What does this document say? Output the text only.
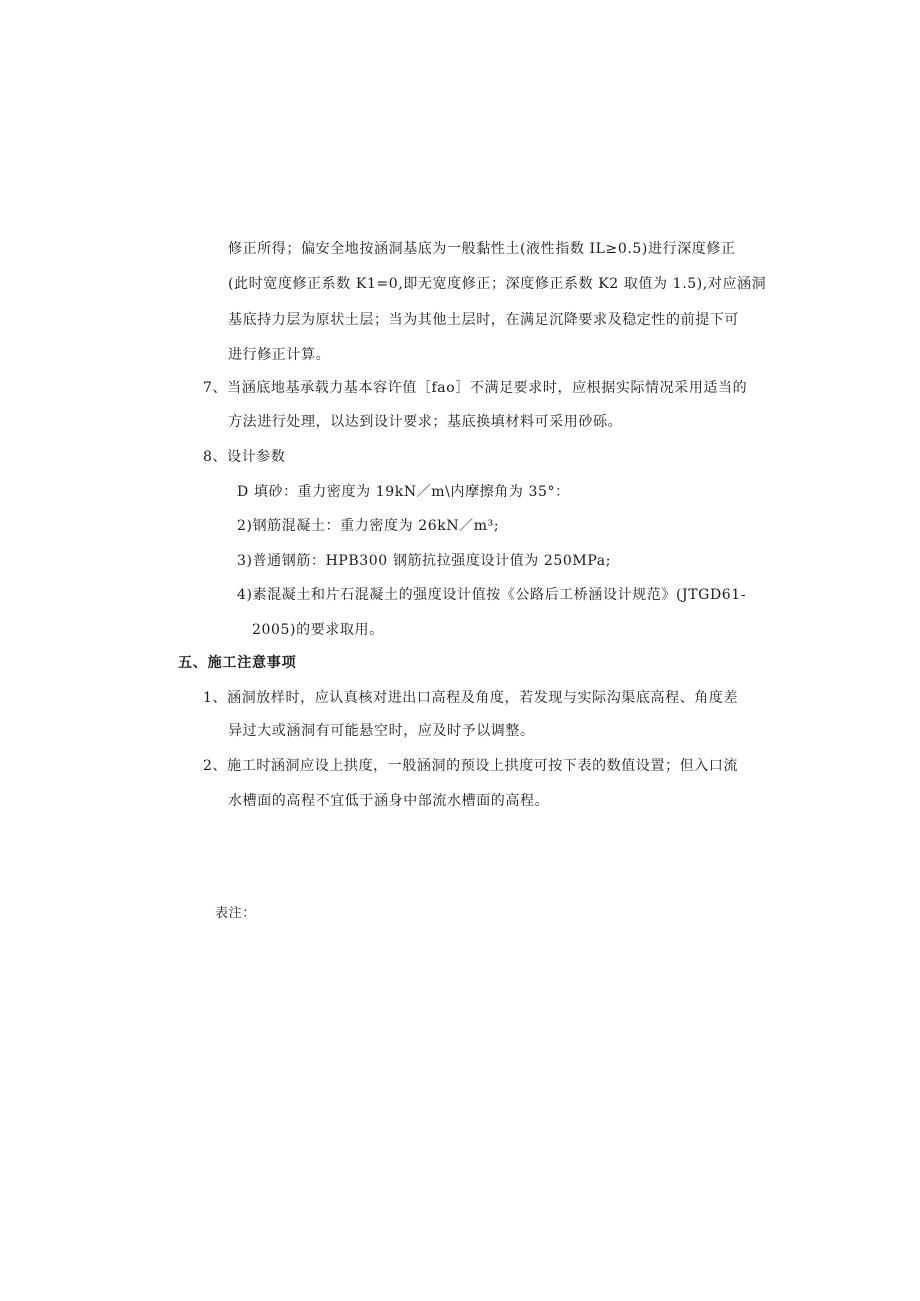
修正所得；偏安全地按涵洞基底为一般黏性土(液性指数 IL≥0.5)进行深度修正
(此时宽度修正系数 K1=0,即无宽度修正；深度修正系数 K2 取值为 1.5),对应涵洞
基底持力层为原状土层；当为其他土层时，在满足沉降要求及稳定性的前提下可
进行修正计算。
7、当涵底地基承载力基本容许值［fao］不满足要求时，应根据实际情况采用适当的
方法进行处理，以达到设计要求；基底换填材料可采用砂砾。
8、设计参数
D 填砂：重力密度为 19kN／m\内摩擦角为 35°：
2)钢筋混凝土：重力密度为 26kN／m³;
3)普通钢筋：HPB300 钢筋抗拉强度设计值为 250MPa;
4)素混凝土和片石混凝土的强度设计值按《公路后工桥涵设计规范》(JTGD61-
2005)的要求取用。
五、施工注意事项
1、涵洞放样时，应认真核对进出口高程及角度，若发现与实际沟渠底高程、角度差
异过大或涵洞有可能悬空时，应及时予以调整。
2、施工时涵洞应设上拱度，一般涵洞的预设上拱度可按下表的数值设置；但入口流
水槽面的高程不宜低于涵身中部流水槽面的高程。
表注：
